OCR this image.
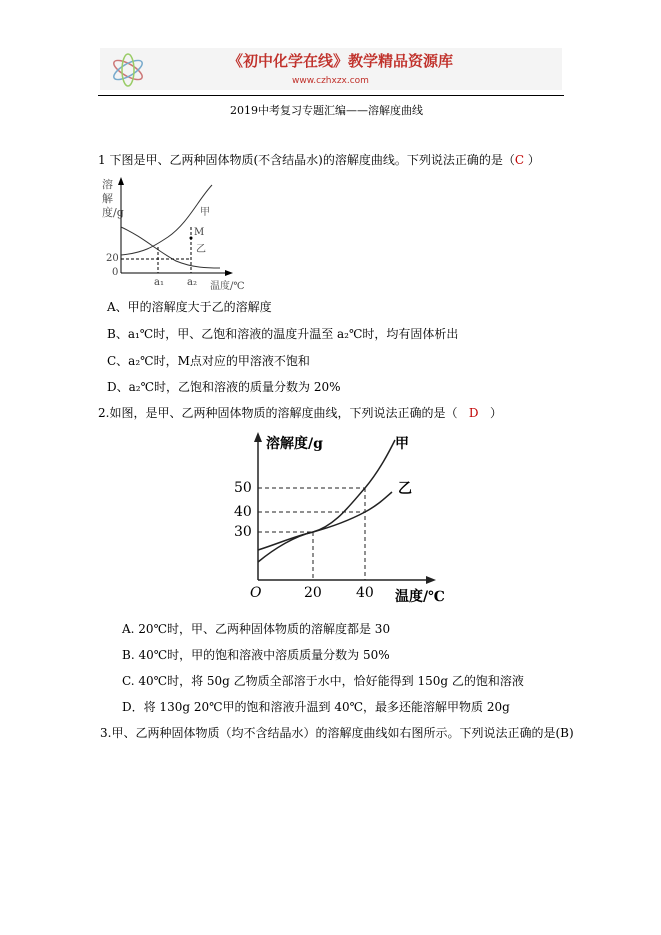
《初中化学在线》教学精品资源库
www.czhxzx.com
2019中考复习专题汇编——溶解度曲线
1 下图是甲、乙两种固体物质(不含结晶水)的溶解度曲线。下列说法正确的是（C ）
溶解度/g
20
0
a₁ a₂ 温度/℃
甲
M
乙
A、甲的溶解度大于乙的溶解度
B、a₁℃时，甲、乙饱和溶液的温度升温至 a₂℃时，均有固体析出
C、a₂℃时，M点对应的甲溶液不饱和
D、a₂℃时，乙饱和溶液的质量分数为 20%
2.如图，是甲、乙两种固体物质的溶解度曲线，下列说法正确的是（ D ）
溶解度/g	甲
乙
50
40
30
O	20 40 温度/℃
A. 20℃时，甲、乙两种固体物质的溶解度都是 30
B. 40℃时，甲的饱和溶液中溶质质量分数为 50%
C. 40℃时，将 50g 乙物质全部溶于水中，恰好能得到 150g 乙的饱和溶液
D．将 130g 20℃甲的饱和溶液升温到 40℃，最多还能溶解甲物质 20g
3.甲、乙两种固体物质（均不含结晶水）的溶解度曲线如右图所示。下列说法正确的是(B)
